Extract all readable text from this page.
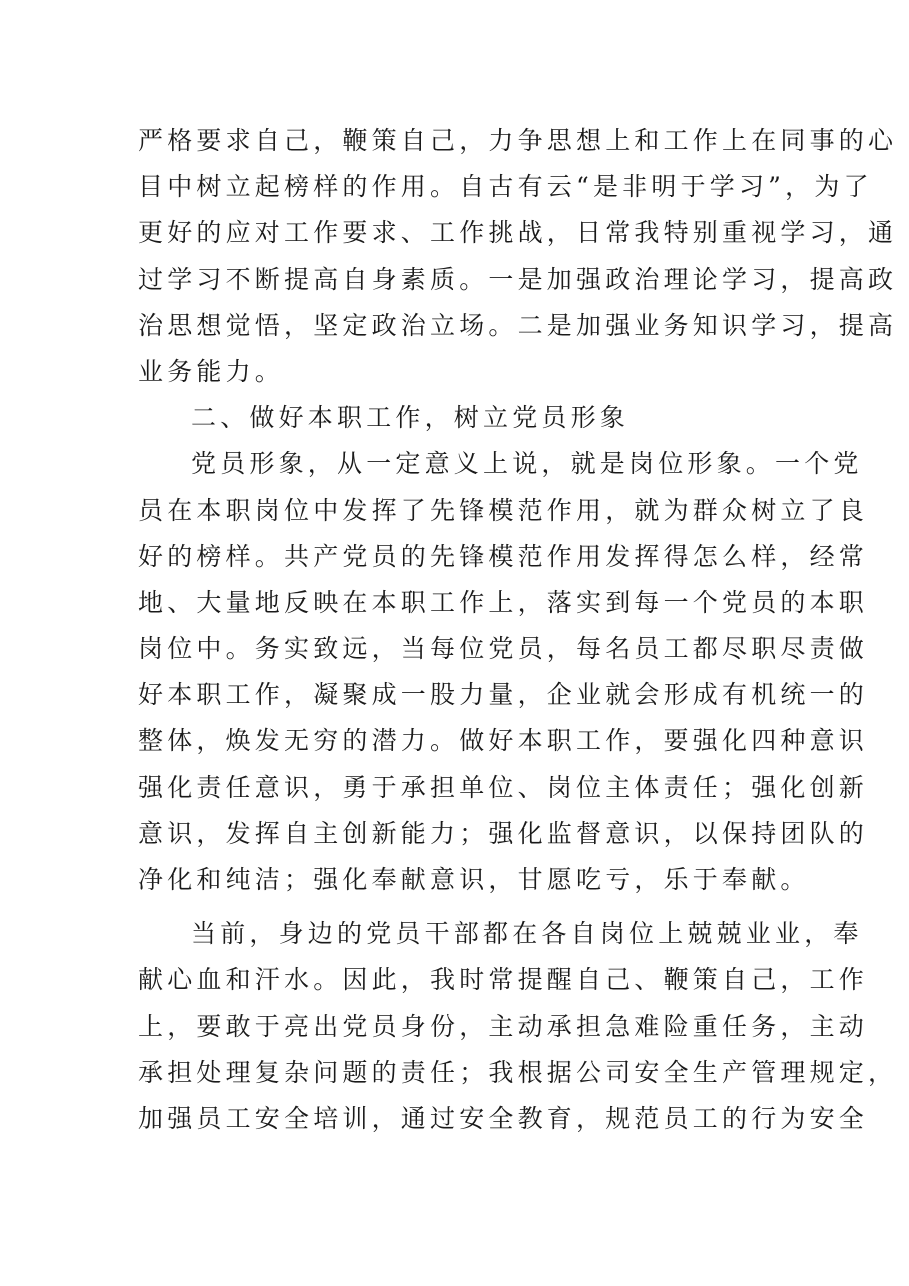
严格要求自己，鞭策自己，力争思想上和工作上在同事的心
目中树立起榜样的作用。自古有云“是非明于学习”，为了
更好的应对工作要求、工作挑战，日常我特别重视学习，通
过学习不断提高自身素质。一是加强政治理论学习，提高政
治思想觉悟，坚定政治立场。二是加强业务知识学习，提高
业务能力。
二、做好本职工作，树立党员形象
党员形象，从一定意义上说，就是岗位形象。一个党
员在本职岗位中发挥了先锋模范作用，就为群众树立了良
好的榜样。共产党员的先锋模范作用发挥得怎么样，经常
地、大量地反映在本职工作上，落实到每一个党员的本职
岗位中。务实致远，当每位党员，每名员工都尽职尽责做
好本职工作，凝聚成一股力量，企业就会形成有机统一的
整体，焕发无穷的潜力。做好本职工作，要强化四种意识
强化责任意识，勇于承担单位、岗位主体责任；强化创新
意识，发挥自主创新能力；强化监督意识，以保持团队的
净化和纯洁；强化奉献意识，甘愿吃亏，乐于奉献。
当前，身边的党员干部都在各自岗位上兢兢业业，奉
献心血和汗水。因此，我时常提醒自己、鞭策自己，工作
上，要敢于亮出党员身份，主动承担急难险重任务，主动
承担处理复杂问题的责任；我根据公司安全生产管理规定，
加强员工安全培训，通过安全教育，规范员工的行为安全
